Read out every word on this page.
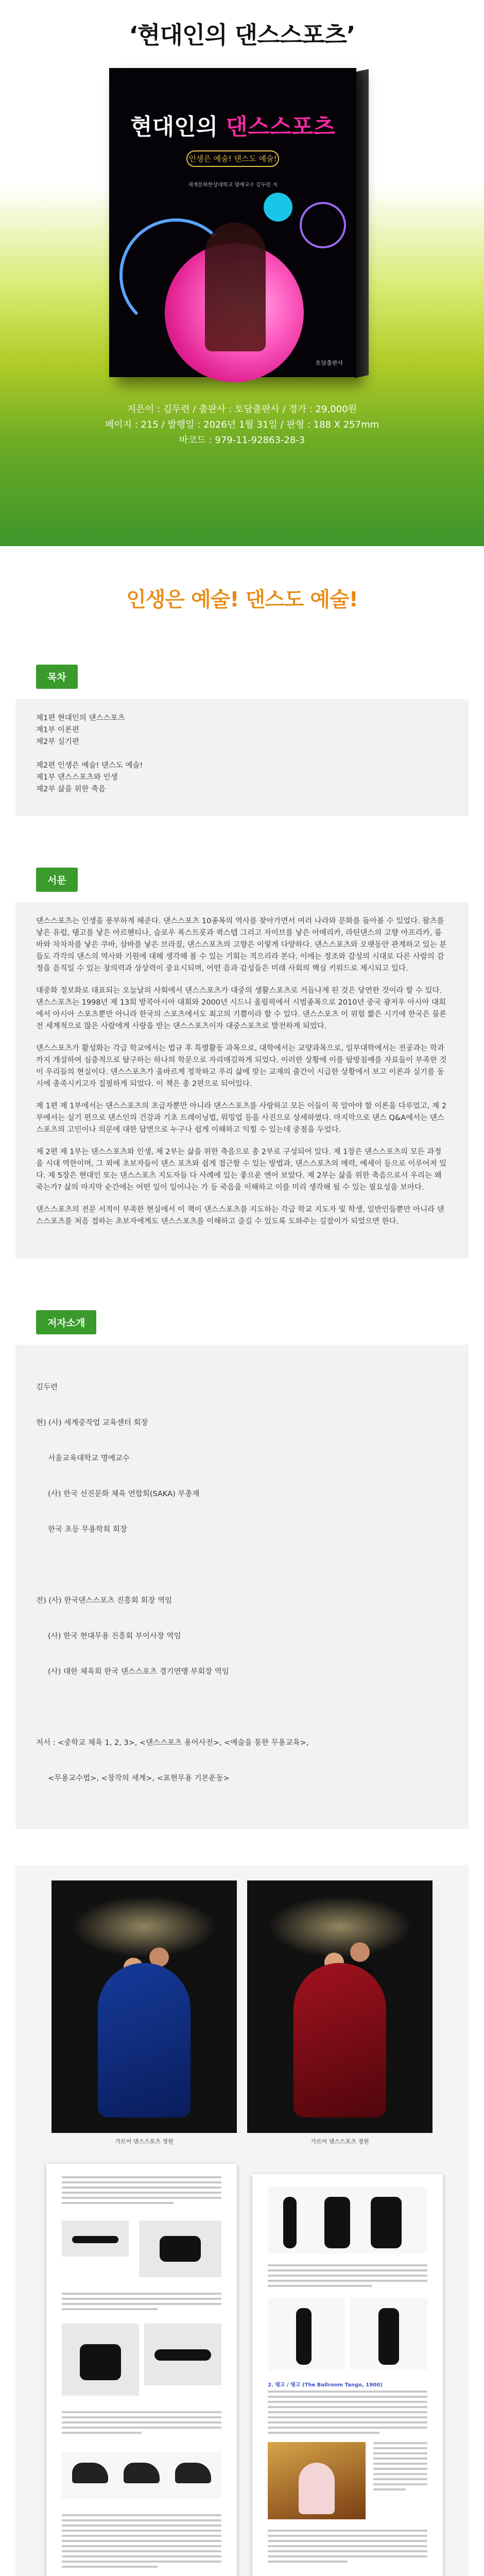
‘현대인의 댄스스포츠’
현대인의 댄스스포츠
인생은 예술! 댄스도 예술!
세계문화한상대학교 명예교수 김두련 저
토담출판사
지은이 : 김두련 / 출판사 : 토담출판사 / 정가 : 29,000원
페이지 : 215 / 발행일 : 2026년 1월 31일 / 판형 : 188 X 257mm
바코드 : 979-11-92863-28-3
인생은 예술! 댄스도 예술!
목차
제1편 현대인의 댄스스포츠
제1부 이론편
제2부 실기편
제2편 인생은 예술! 댄스도 예술!
제1부 댄스스포츠와 인생
제2부 삶을 위한 축음
서문

댄스스포츠는 인생을 풍부하게 해준다. 댄스스포츠 10종목의 역사를 찾아가면서 여러 나라와 문화를 돌아볼 수 있었다. 왈츠를 낳은 유럽, 탱고를 낳은 아르헨티나, 슬로우 폭스트롯과 퀵스텝 그리고 자이브를 낳은 아메리카, 라틴댄스의 고향 아프리카, 룸바와 차차차를 낳은 쿠바, 삼바를 낳은 브라질, 댄스스포츠의 고향은 이렇게 다양하다. 댄스스포츠와 오랫동안 관계하고 있는 분들도 각각의 댄스의 역사와 기원에 대해 생각해 볼 수 있는 기회는 적으리라 본다. 이에는 정조와 감성의 시대로 다른 사람의 감정을 음직일 수 있는 창의력과 상상력이 중요시되며, 어떤 음과 감성들은 미래 사회의 핵심 키워드로 제시되고 있다.

대중화 정보화로 대표되는 오늘날의 사회에서 댄스스포츠가 대중의 생활스포츠로 거듭나게 된 것은 당연한 것이라 할 수 있다. 댄스스포츠는 1998년 제 13회 방콕아시아 대회와 2000년 시드니 올림픽에서 시범종목으로 2010년 중국 광저우 아시아 대회에서 아시아 스포츠뿐만 아니라 한국의 스포츠에서도 최고의 기쁨이라 할 수 있다. 댄스스포츠 이 위험 짧은 시기에 한국은 물론 전 세계적으로 많은 사람에게 사랑을 받는 댄스스포츠이자 대중스포츠로 발전하게 되었다.

댄스스포츠가 활성화는 각급 학교에서는 법규 후 특별활동 과목으로, 대학에서는 교양과목으로, 일부대학에서는 전공과는 학과까지 개설하여 심층적으로 탐구하는 하나의 학문으로 자리매김하게 되었다. 이러한 상황에 이를 탐방침예를 자료들이 부족한 것이 우리들의 현실이다. 댄스스포츠가 올바르게 정착하고 우리 삶에 맞는 교재의 출간이 시급한 상황에서 보고 이론과 실기를 동시에 총족시키고자 집필하게 되었다. 이 책은 총 2편으로 되어있다.

제 1편 제 1부에서는 댄스스포츠의 초급자뿐만 아니라 댄스스포츠를 사랑하고 모든 이들이 꼭 알아야 할 이론을 다루었고, 제 2부에서는 실기 편으로 댄스인의 건강과 기초 트레이닝법, 워밍업 등을 사진으로 상세하였다. 마지막으로 댄스 Q&A에서는 댄스스포츠의 고민이나 의문에 대한 답변으로 누구나 쉽게 이해하고 익힐 수 있는데 중점을 두었다.

제 2편 제 1부는 댄스스포츠와 인생, 제 2부는 삶을 위한 축음으로 총 2부로 구성되어 있다. 제 1장은 댄스스포츠의 모든 과정을 시대 역한이며, 그 외에 초보자들이 댄스 포츠와 쉽게 접근할 수 있는 방법과, 댄스스포츠의 매력, 예세이 등으로 이루어져 있다. 제 5장은 현대인 또는 댄스스포츠 지도자들 다 사례에 있는 좋으운 엔어 보았다. 제 2부는 삶을 위한 축음으로서 우리는 왜 죽는가? 삶의 마지막 순간에는 어떤 일이 일어나는 가 등 죽음을 이해하고 이를 미리 생각해 될 수 있는 필요성을 보아다.

댄스스포츠의 전문 서적이 부족한 현실에서 이 책이 댄스스포츠를 지도하는 각급 학교 지도자 및 학생, 일반인들뿐만 아니라 댄스스포츠를 처음 접하는 초보자에게도 댄스스포츠를 이해하고 즐길 수 있도록 도와주는 길잡이가 되었으면 한다.

저자소개

김두련

현) (사) 세계중작업 교육센터 회장

서울교육대학교 명예교수

(사) 한국 선진문화 체육 연합회(SAKA) 부총재

한국 초등 무용학회 회장

전) (사) 한국댄스스포츠 진흥회 회장 역임

(사) 한국 현대무용 진흥회 부이사장 역임

(사) 대한 체육회 한국 댄스스포츠 경기연맹 부회장 역임

저서 : <중학교 체육 1, 2, 3>, <댄스스포츠 용어사전>, <예술을 통한 무용교육>,

<무용교수법>, <창작의 세계>, <표현무용 기본운동>

가르어 댄스스포츠 정원	가르어 댄스스포츠 정원
2. 탱고 / 탱고 (The Ballroom Tango, 1900)
